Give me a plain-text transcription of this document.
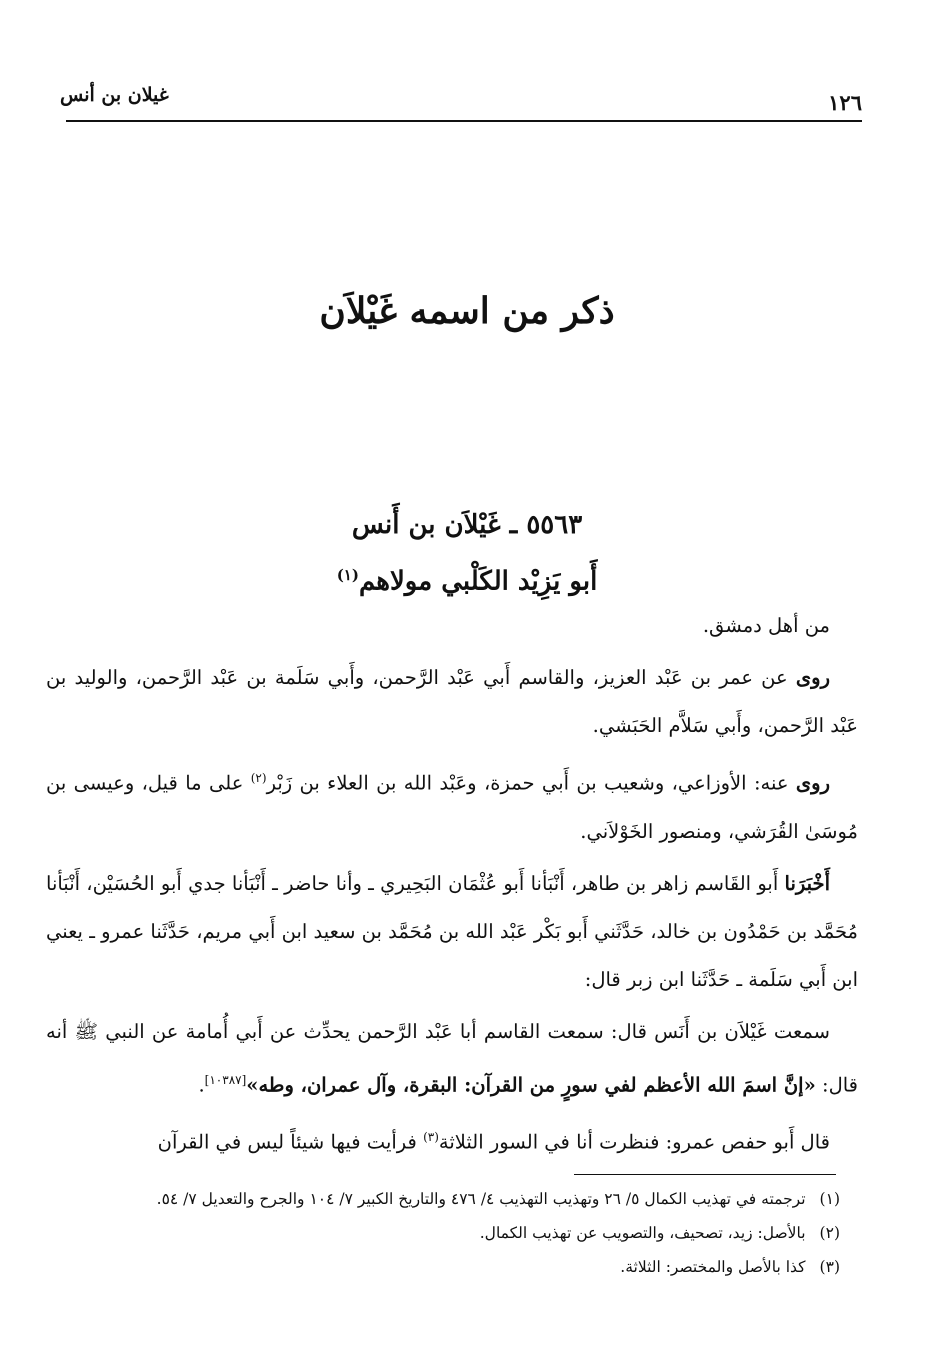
غيلان بن أنس	١٢٦
ذكر من اسمه غَيْلاَن
٥٥٦٣ ـ غَيْلاَن بن أَنس
أَبو يَزِيْد الكَلْبي مولاهم$^{(١)}$

من أهل دمشق.

روى عن عمر بن عَبْد العزيز، والقاسم أَبي عَبْد الرَّحمن، وأَبي سَلَمة بن عَبْد الرَّحمن، والوليد بن عَبْد الرَّحمن، وأَبي سَلاَّم الحَبَشي.

روى عنه: الأوزاعي، وشعيب بن أَبي حمزة، وعَبْد الله بن العلاء بن زَبْر$^{(٢)}$ على ما قيل، وعيسى بن مُوسَىٰ القُرَشي، ومنصور الخَوْلاَني.

أَخْبَرَنا أَبو القَاسم زاهر بن طاهر، أَنْبَأنا أَبو عُثْمَان البَحِيري ـ وأنا حاضر ـ أَنْبَأنا جدي أَبو الحُسَيْن، أَنْبَأنا مُحَمَّد بن حَمْدُون بن خالد، حَدَّثَني أَبو بَكْر عَبْد الله بن مُحَمَّد بن سعيد ابن أَبي مريم، حَدَّثَنا عمرو ـ يعني ابن أَبي سَلَمة ـ حَدَّثَنا ابن زبر قال:

سمعت غَيْلاَن بن أَنَس قال: سمعت القاسم أبا عَبْد الرَّحمن يحدِّث عن أَبي أُمامة عن النبي ﷺ أنه قال: «إنَّ اسمَ الله الأعظم لفي سورٍ من القرآن: البقرة، وآل عمران، وطه»[١٠٣٨٧].

قال أَبو حفص عمرو: فنظرت أنا في السور الثلاثة$^{(٣)}$ فرأيت فيها شيئاً ليس في القرآن

(١)ترجمته في تهذيب الكمال ٥/ ٢٦ وتهذيب التهذيب ٤/ ٤٧٦ والتاريخ الكبير ٧/ ١٠٤ والجرح والتعديل ٧/ ٥٤.
(٢)بالأصل: زيد، تصحيف، والتصويب عن تهذيب الكمال.
(٣)كذا بالأصل والمختصر: الثلاثة.
